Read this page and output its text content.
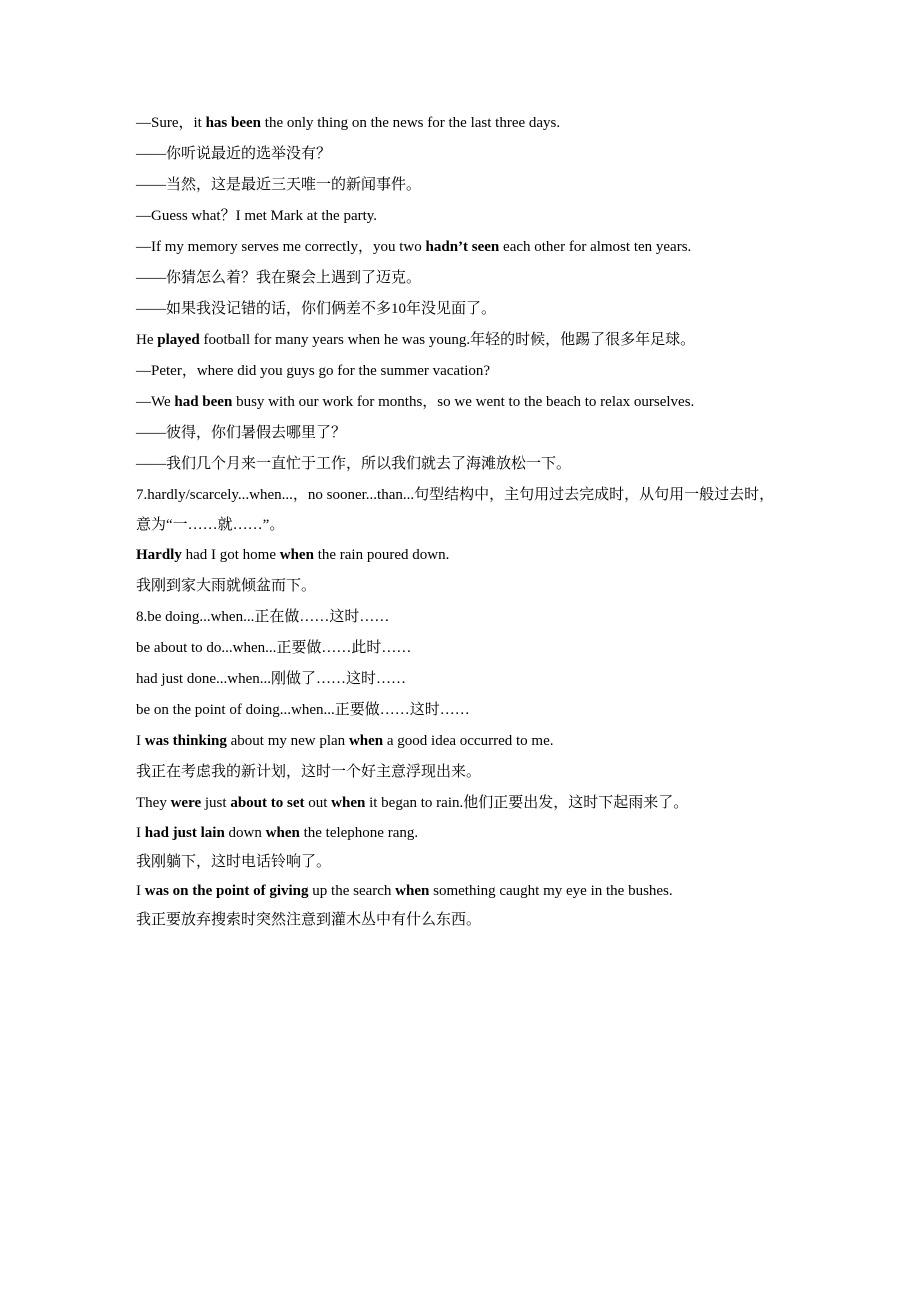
—Sure，it has been the only thing on the news for the last three days.
——你听说最近的选举没有？
——当然，这是最近三天唯一的新闻事件。
—Guess what？I met Mark at the party.
—If my memory serves me correctly，you two hadn’t seen each other for almost ten years.
——你猜怎么着？我在聚会上遇到了迈克。
——如果我没记错的话，你们俩差不多10年没见面了。
He played football for many years when he was young.年轻的时候，他踢了很多年足球。
—Peter，where did you guys go for the summer vacation?
—We had been busy with our work for months，so we went to the beach to relax ourselves.
——彼得，你们暑假去哪里了？
——我们几个月来一直忙于工作，所以我们就去了海滩放松一下。
7.hardly/scarcely...when...，no sooner...than...句型结构中，主句用过去完成时，从句用一般过去时，意为“一……就……”。
Hardly had I got home when the rain poured down.
我刚到家大雨就倾盆而下。
8.be doing...when...正在做……这时……
be about to do...when...正要做……此时……
had just done...when...刚做了……这时……
be on the point of doing...when...正要做……这时……
I was thinking about my new plan when a good idea occurred to me.
我正在考虑我的新计划，这时一个好主意浮现出来。
They were just about to set out when it began to rain.他们正要出发，这时下起雨来了。
I had just lain down when the telephone rang.
我刚躺下，这时电话铃响了。
I was on the point of giving up the search when something caught my eye in the bushes.
我正要放弃搜索时突然注意到灌木丛中有什么东西。
